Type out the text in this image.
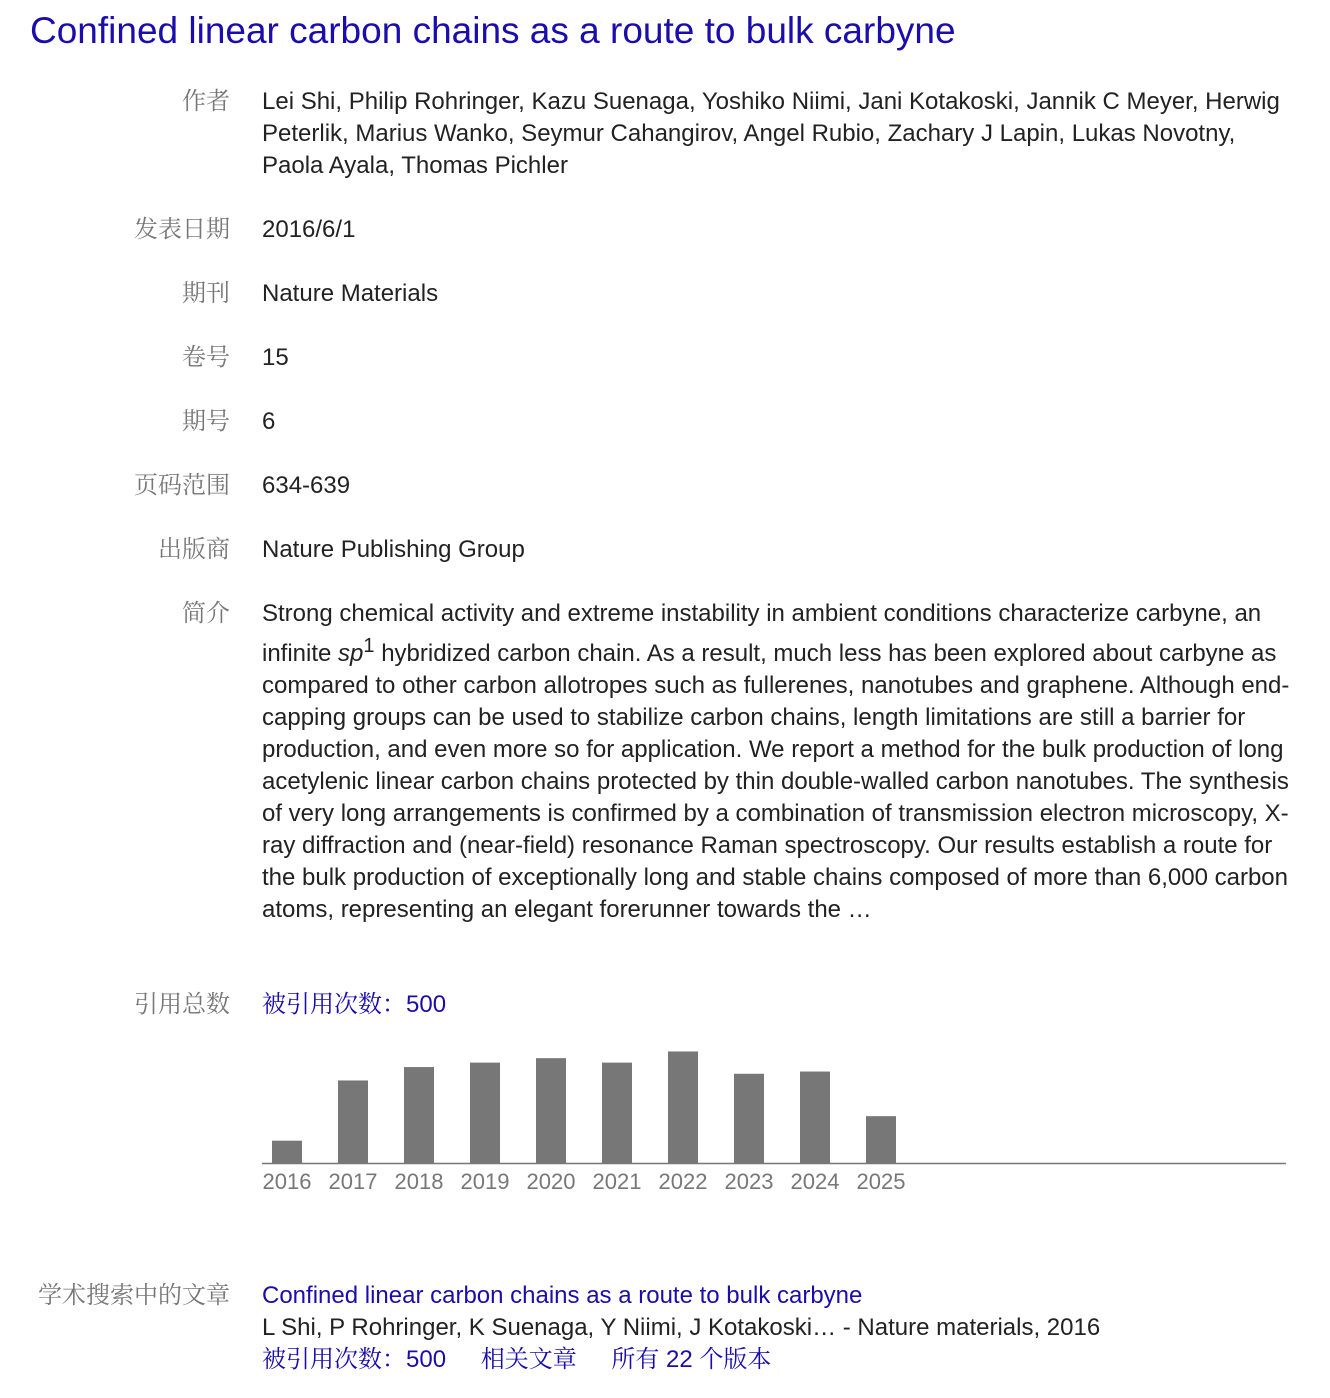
Confined linear carbon chains as a route to bulk carbyne
作者 Lei Shi, Philip Rohringer, Kazu Suenaga, Yoshiko Niimi, Jani Kotakoski, Jannik C Meyer, Herwig Peterlik, Marius Wanko, Seymur Cahangirov, Angel Rubio, Zachary J Lapin, Lukas Novotny, Paola Ayala, Thomas Pichler
发表日期 2016/6/1
期刊 Nature Materials
卷号 15
期号 6
页码范围 634-639
出版商 Nature Publishing Group
简介 Strong chemical activity and extreme instability in ambient conditions characterize carbyne, an infinite $sp^1$ hybridized carbon chain. As a result, much less has been explored about carbyne as compared to other carbon allotropes such as fullerenes, nanotubes and graphene. Although end-capping groups can be used to stabilize carbon chains, length limitations are still a barrier for production, and even more so for application. We report a method for the bulk production of long acetylenic linear carbon chains protected by thin double-walled carbon nanotubes. The synthesis of very long arrangements is confirmed by a combination of transmission electron microscopy, X-ray diffraction and (near-field) resonance Raman spectroscopy. Our results establish a route for the bulk production of exceptionally long and stable chains composed of more than 6,000 carbon atoms, representing an elegant forerunner towards the …
引用总数 被引用次数：500
2016 2017 2018 2019 2020 2021 2022 2023 2024 2025
学术搜索中的文章 Confined linear carbon chains as a route to bulk carbyne
L Shi, P Rohringer, K Suenaga, Y Niimi, J Kotakoski… - Nature materials, 2016
被引用次数：500 相关文章 所有 22 个版本
